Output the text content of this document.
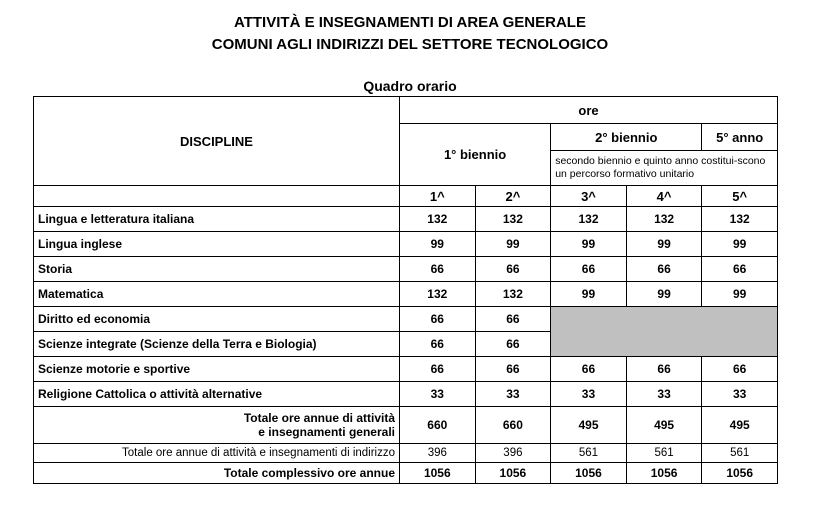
ATTIVITÀ E INSEGNAMENTI DI AREA GENERALE
COMUNI AGLI INDIRIZZI DEL SETTORE TECNOLOGICO
Quadro orario
DISCIPLINE	ore				
	1° biennio		2° biennio		5° anno
			secondo biennio e quinto anno costitui-scono un percorso formativo unitario		
	1^	2^	3^	4^	5^
Lingua e letteratura italiana	132	132	132	132	132
Lingua inglese	99	99	99	99	99
Storia	66	66	66	66	66
Matematica	132	132	99	99	99
Diritto ed economia	66	66			
Scienze integrate (Scienze della Terra e Biologia)	66	66			
Scienze motorie e sportive	66	66	66	66	66
Religione Cattolica o attività alternative	33	33	33	33	33
Totale ore annue di attività
e insegnamenti generali	660	660	495	495	495
Totale ore annue di attività e insegnamenti di indirizzo	396	396	561	561	561
Totale complessivo ore annue	1056	1056	1056	1056	1056
